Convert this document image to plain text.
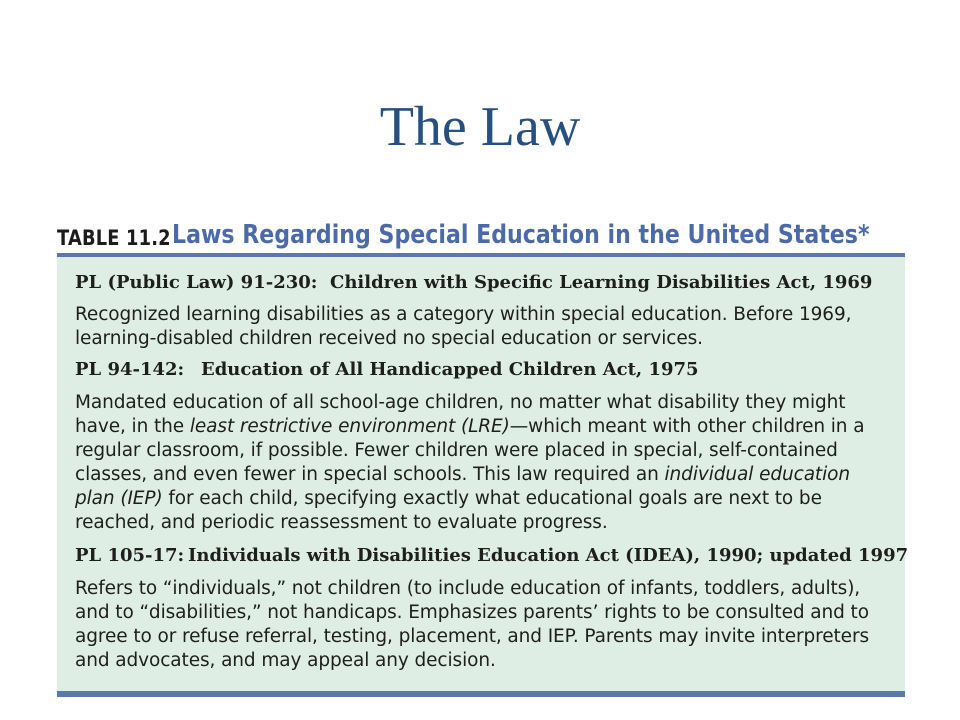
The Law
TABLE 11.2 Laws Regarding Special Education in the United States*
PL (Public Law) 91-230: Children with Specific Learning Disabilities Act, 1969
Recognized learning disabilities as a category within special education. Before 1969,
learning-disabled children received no special education or services.
PL 94-142: Education of All Handicapped Children Act, 1975
Mandated education of all school-age children, no matter what disability they might
have, in the least restrictive environment (LRE)—which meant with other children in a
regular classroom, if possible. Fewer children were placed in special, self-contained
classes, and even fewer in special schools. This law required an individual education
plan (IEP) for each child, specifying exactly what educational goals are next to be
reached, and periodic reassessment to evaluate progress.
PL 105-17: Individuals with Disabilities Education Act (IDEA), 1990; updated 1997
Refers to “individuals,” not children (to include education of infants, toddlers, adults),
and to “disabilities,” not handicaps. Emphasizes parents’ rights to be consulted and to
agree to or refuse referral, testing, placement, and IEP. Parents may invite interpreters
and advocates, and may appeal any decision.
